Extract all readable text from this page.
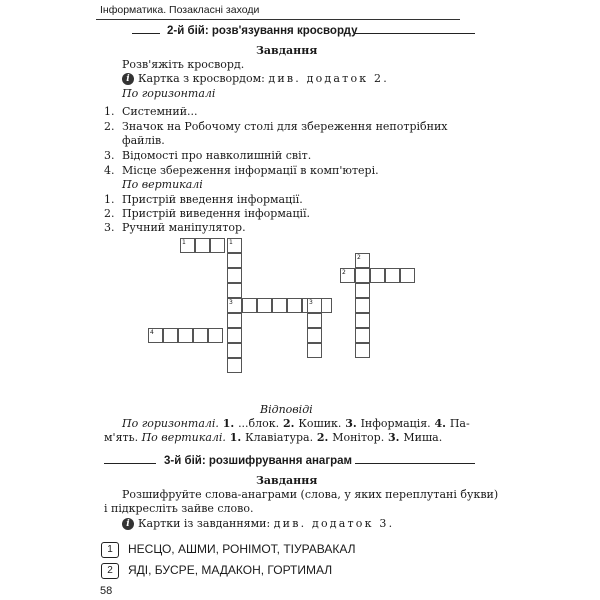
Інформатика. Позакласні заходи
2-й бій: розв'язування кросворду
Завдання
Розв'яжіть кросворд.
i Картка з кросвордом: див. додаток 2.
По горизонталі
1. Системний...
2. Значок на Робочому столі для збереження непотрібних
файлів.
3. Відомості про навколишній світ.
4. Місце збереження інформації в комп'ютері.
По вертикалі
1. Пристрій введення інформації.
2. Пристрій виведення інформації.
3. Ручний маніпулятор.
1	1
4
2
2
3
3
Відповіді
По горизонталі. 1. ...блок. 2. Кошик. 3. Інформація. 4. Па-
м'ять. По вертикалі. 1. Клавіатура. 2. Монітор. 3. Миша.
3-й бій: розшифрування анаграм
Завдання
Розшифруйте слова-анаграми (слова, у яких переплутані букви)
і підкресліть зайве слово.
i Картки із завданнями: див. додаток 3.
1	НЕСЦО, АШМИ, РОНІМОТ, ТІУРАВАКАЛ
2	ЯДІ, БУСРЕ, МАДАКОН, ГОРТИМАЛ
58
